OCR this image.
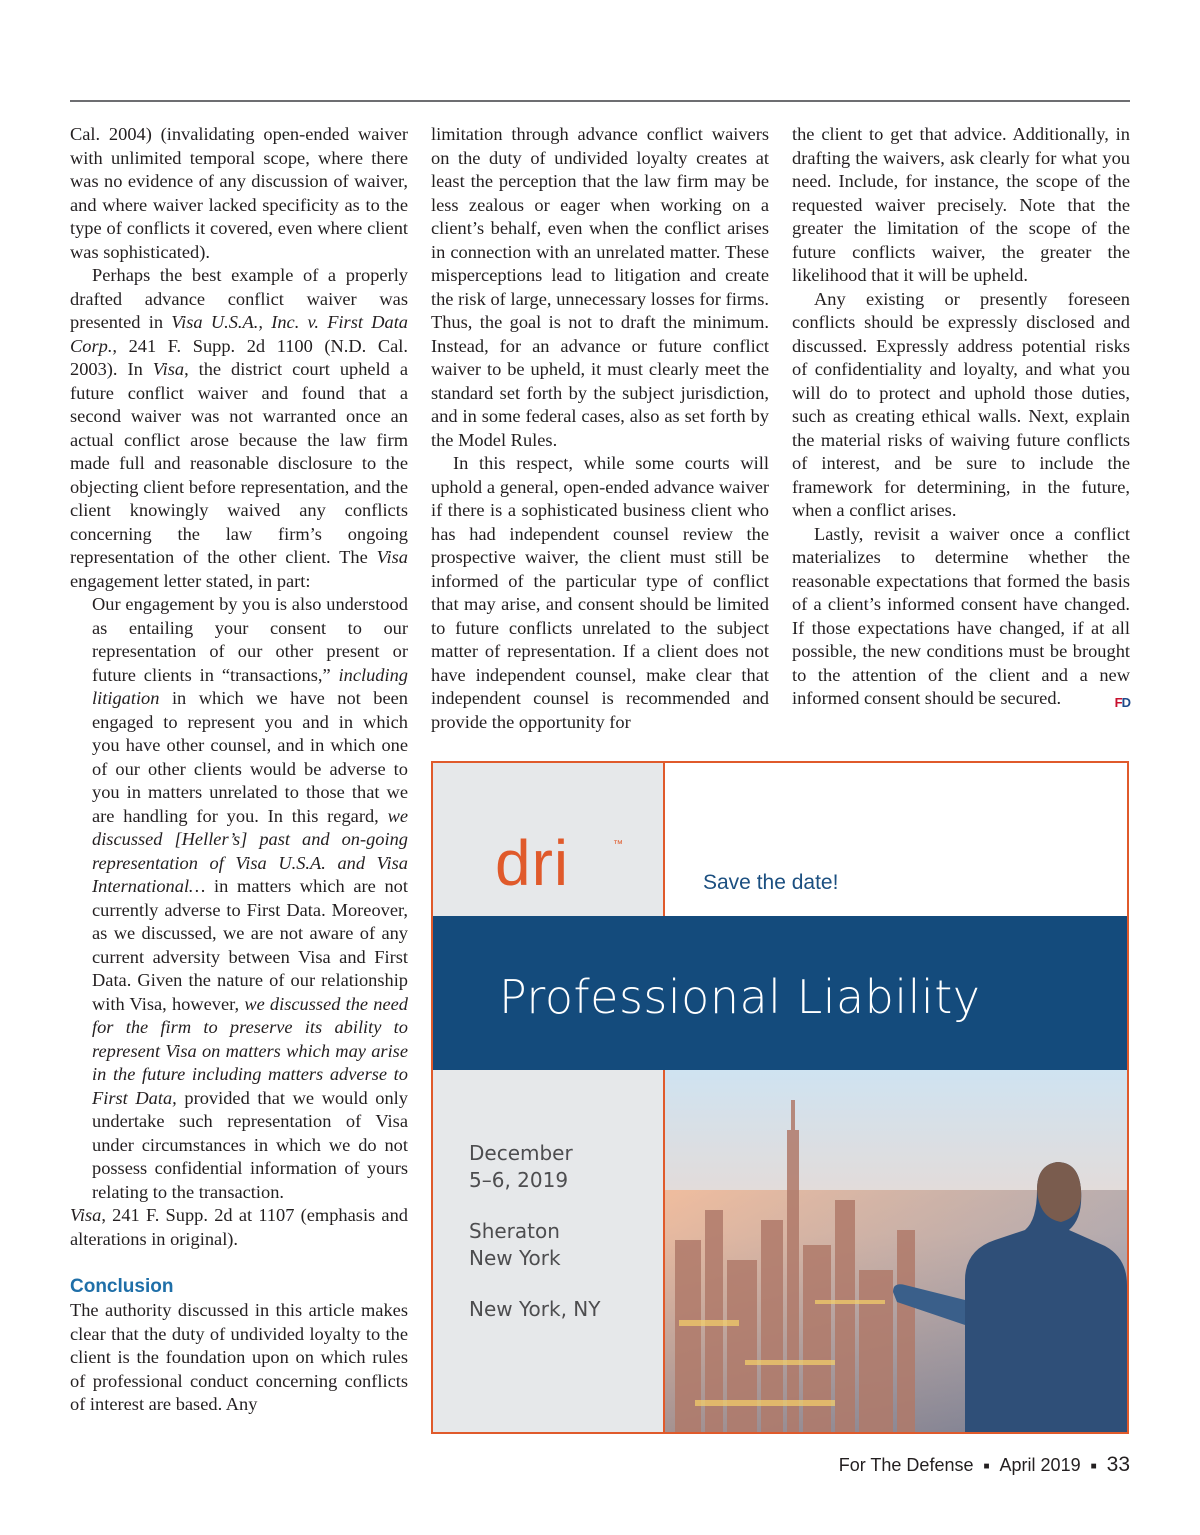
Cal. 2004) (invalidating open-ended waiver with unlimited temporal scope, where there was no evidence of any discussion of waiver, and where waiver lacked specificity as to the type of conflicts it covered, even where client was sophisticated).

Perhaps the best example of a properly drafted advance conflict waiver was presented in Visa U.S.A., Inc. v. First Data Corp., 241 F. Supp. 2d 1100 (N.D. Cal. 2003). In Visa, the district court upheld a future conflict waiver and found that a second waiver was not warranted once an actual conflict arose because the law firm made full and reasonable disclosure to the objecting client before representation, and the client knowingly waived any conflicts concerning the law firm’s ongoing representation of the other client. The Visa engagement letter stated, in part:

Our engagement by you is also understood as entailing your consent to our representation of our other present or future clients in “transactions,” including litigation in which we have not been engaged to represent you and in which you have other counsel, and in which one of our other clients would be adverse to you in matters unrelated to those that we are handling for you. In this regard, we discussed [Heller’s] past and on-going representation of Visa U.S.A. and Visa International… in matters which are not currently adverse to First Data. Moreover, as we discussed, we are not aware of any current adversity between Visa and First Data. Given the nature of our relationship with Visa, however, we discussed the need for the firm to preserve its ability to represent Visa on matters which may arise in the future including matters adverse to First Data, provided that we would only undertake such representation of Visa under circumstances in which we do not possess confidential information of yours relating to the transaction.

Visa, 241 F. Supp. 2d at 1107 (emphasis and alterations in original).

Conclusion

The authority discussed in this article makes clear that the duty of undivided loyalty to the client is the foundation upon on which rules of professional conduct concerning conflicts of interest are based. Any

limitation through advance conflict waivers on the duty of undivided loyalty creates at least the perception that the law firm may be less zealous or eager when working on a client’s behalf, even when the conflict arises in connection with an unrelated matter. These misperceptions lead to litigation and create the risk of large, unnecessary losses for firms. Thus, the goal is not to draft the minimum. Instead, for an advance or future conflict waiver to be upheld, it must clearly meet the standard set forth by the subject jurisdiction, and in some federal cases, also as set forth by the Model Rules.

In this respect, while some courts will uphold a general, open-ended advance waiver if there is a sophisticated business client who has had independent counsel review the prospective waiver, the client must still be informed of the particular type of conflict that may arise, and consent should be limited to future conflicts unrelated to the subject matter of representation. If a client does not have independent counsel, make clear that independent counsel is recommended and provide the opportunity for

the client to get that advice. Additionally, in drafting the waivers, ask clearly for what you need. Include, for instance, the scope of the requested waiver precisely. Note that the greater the limitation of the scope of the future conflicts waiver, the greater the likelihood that it will be upheld.

Any existing or presently foreseen conflicts should be expressly disclosed and discussed. Expressly address potential risks of confidentiality and loyalty, and what you will do to protect and uphold those duties, such as creating ethical walls. Next, explain the material risks of waiving future conflicts of interest, and be sure to include the framework for determining, in the future, when a conflict arises.

Lastly, revisit a waiver once a conflict materializes to determine whether the reasonable expectations that formed the basis of a client’s informed consent have changed. If those expectations have changed, if at all possible, the new conditions must be brought to the attention of the client and a new informed consent should be secured.	FD

dri	™
Save the date!
Professional Liability
December
5–6, 2019
Sheraton
New York
New York, NY
For The Defense ■ April 2019 ■ 33
